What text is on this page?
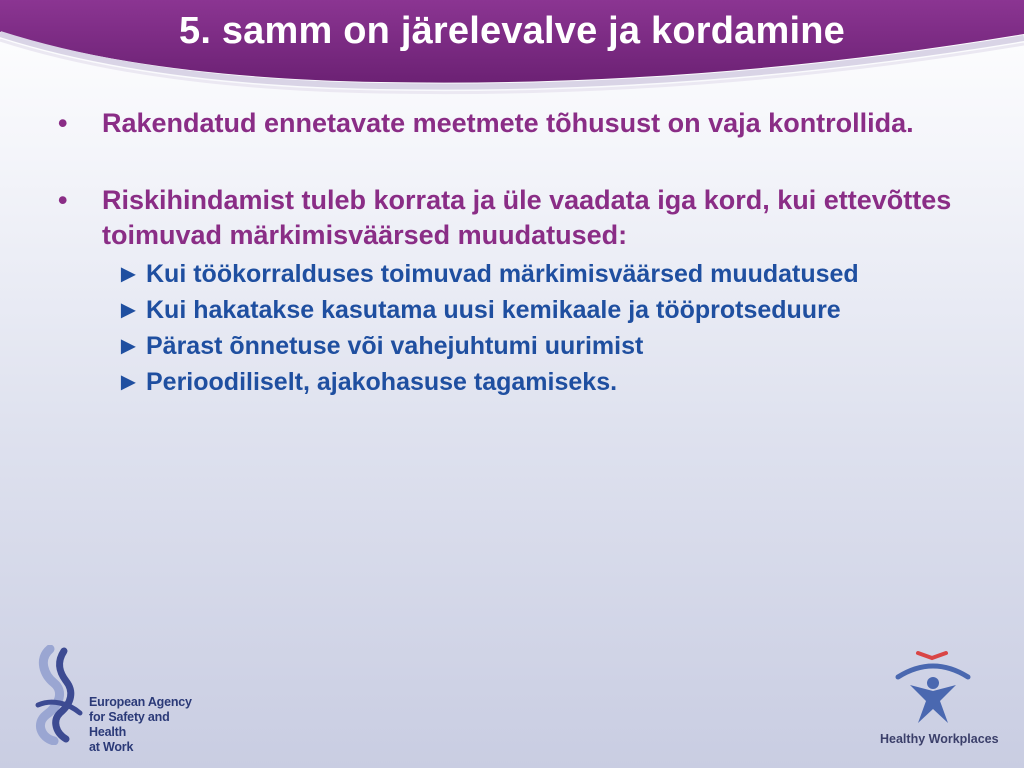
5. samm on järelevalve ja kordamine
•	Rakendatud ennetavate meetmete tõhusust on vaja kontrollida.
•	Riskihindamist tuleb korrata ja üle vaadata iga kord, kui ettevõttes toimuvad märkimisväärsed muudatused:
► Kui töökorralduses toimuvad märkimisväärsed muudatused
► Kui hakatakse kasutama uusi kemikaale ja tööprotseduure
► Pärast õnnetuse või vahejuhtumi uurimist
► Perioodiliselt, ajakohasuse tagamiseks.
European Agency
for Safety and Health
at Work
Healthy Workplaces
